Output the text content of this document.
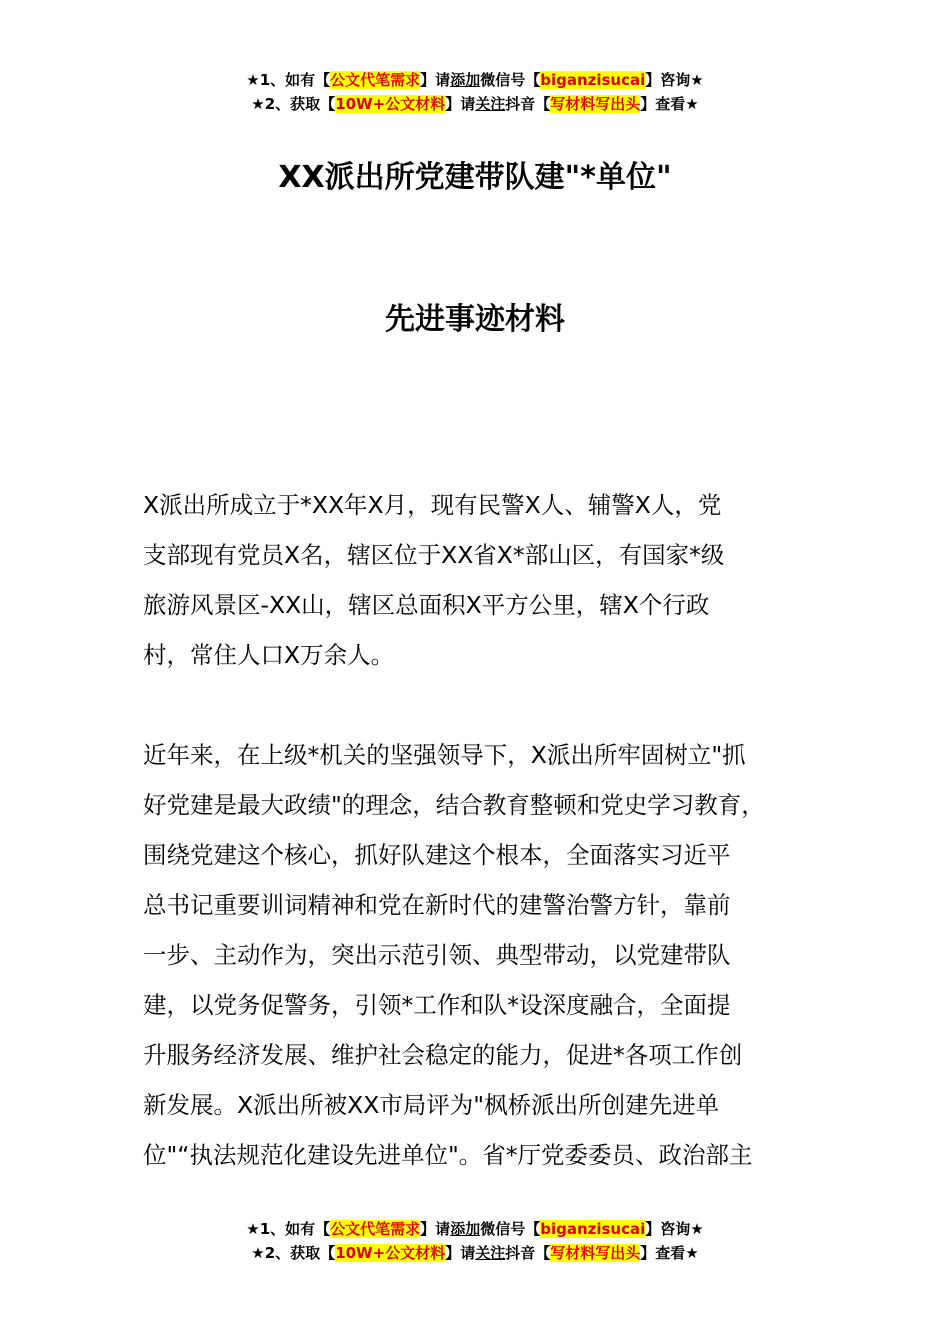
★1、如有【公文代笔需求】请添加微信号【biganzisucai】咨询★
★2、获取【10W+公文材料】请关注抖音【写材料写出头】查看★
XX派出所党建带队建"*单位"
先进事迹材料
X派出所成立于*XX年X月，现有民警X人、辅警X人，党
支部现有党员X名，辖区位于XX省X*部山区，有国家*级
旅游风景区-XX山，辖区总面积X平方公里，辖X个行政
村，常住人口X万余人。
近年来，在上级*机关的坚强领导下，X派出所牢固树立"抓
好党建是最大政绩"的理念，结合教育整顿和党史学习教育，
围绕党建这个核心，抓好队建这个根本，全面落实习近平
总书记重要训词精神和党在新时代的建警治警方针，靠前
一步、主动作为，突出示范引领、典型带动，以党建带队
建，以党务促警务，引领*工作和队*设深度融合，全面提
升服务经济发展、维护社会稳定的能力，促进*各项工作创
新发展。X派出所被XX市局评为"枫桥派出所创建先进单
位"“执法规范化建设先进单位"。省*厅党委委员、政治部主
★1、如有【公文代笔需求】请添加微信号【biganzisucai】咨询★
★2、获取【10W+公文材料】请关注抖音【写材料写出头】查看★
